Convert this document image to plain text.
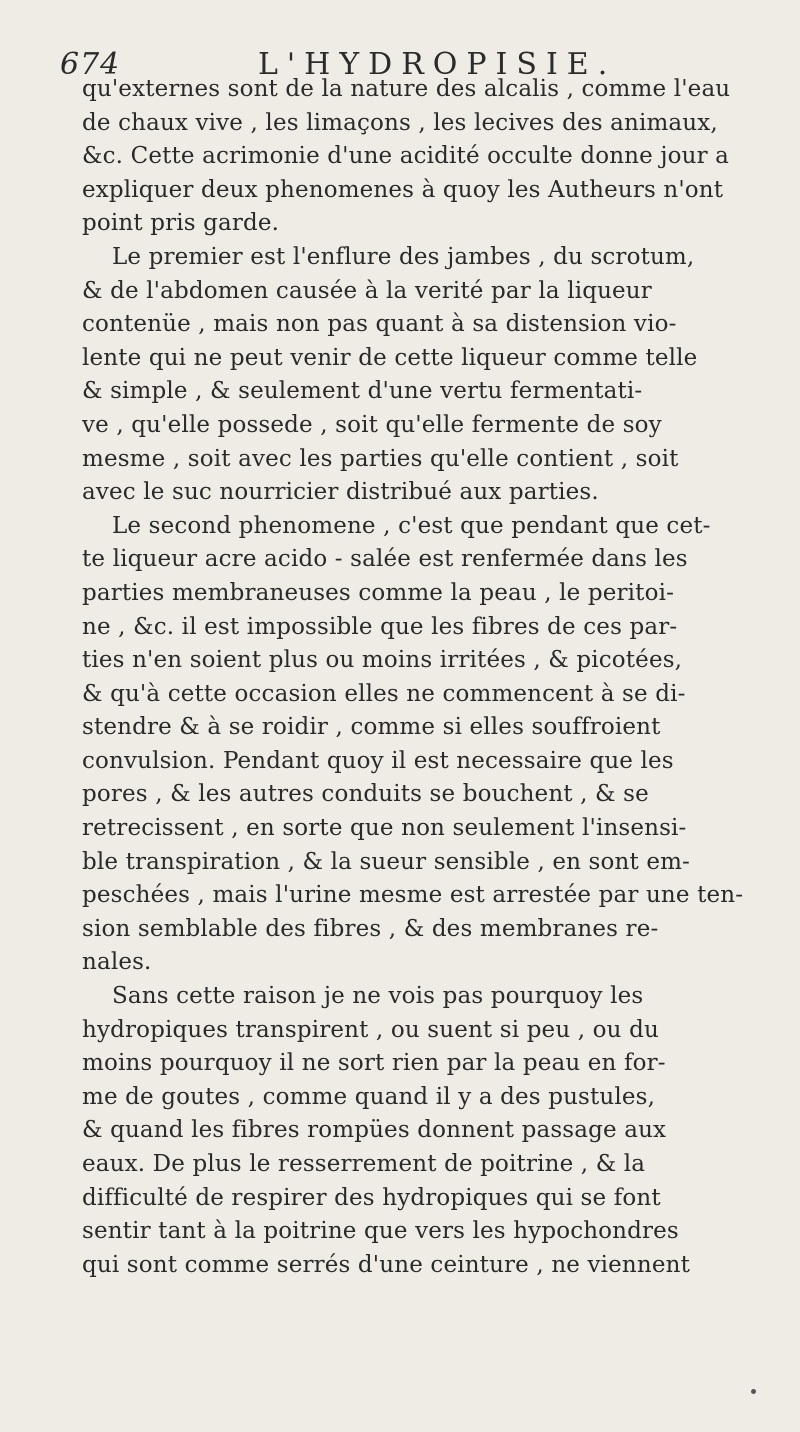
674	L'HYDROPISIE.
qu'externes sont de la nature des alcalis , comme l'eau
de chaux vive , les limaçons , les lecives des animaux,
&c. Cette acrimonie d'une acidité occulte donne jour a
expliquer deux phenomenes à quoy les Autheurs n'ont
point pris garde.
Le premier est l'enflure des jambes , du scrotum,
& de l'abdomen causée à la verité par la liqueur
contenüe , mais non pas quant à sa distension vio-
lente qui ne peut venir de cette liqueur comme telle
& simple , & seulement d'une vertu fermentati-
ve , qu'elle possede , soit qu'elle fermente de soy
mesme , soit avec les parties qu'elle contient , soit
avec le suc nourricier distribué aux parties.
Le second phenomene , c'est que pendant que cet-
te liqueur acre acido - salée est renfermée dans les
parties membraneuses comme la peau , le peritoi-
ne , &c. il est impossible que les fibres de ces par-
ties n'en soient plus ou moins irritées , & picotées,
& qu'à cette occasion elles ne commencent à se di-
stendre & à se roidir , comme si elles souffroient
convulsion. Pendant quoy il est necessaire que les
pores , & les autres conduits se bouchent , & se
retrecissent , en sorte que non seulement l'insensi-
ble transpiration , & la sueur sensible , en sont em-
peschées , mais l'urine mesme est arrestée par une ten-
sion semblable des fibres , & des membranes re-
nales.
Sans cette raison je ne vois pas pourquoy les
hydropiques transpirent , ou suent si peu , ou du
moins pourquoy il ne sort rien par la peau en for-
me de goutes , comme quand il y a des pustules,
& quand les fibres rompües donnent passage aux
eaux. De plus le resserrement de poitrine , & la
difficulté de respirer des hydropiques qui se font
sentir tant à la poitrine que vers les hypochondres
qui sont comme serrés d'une ceinture , ne viennent
